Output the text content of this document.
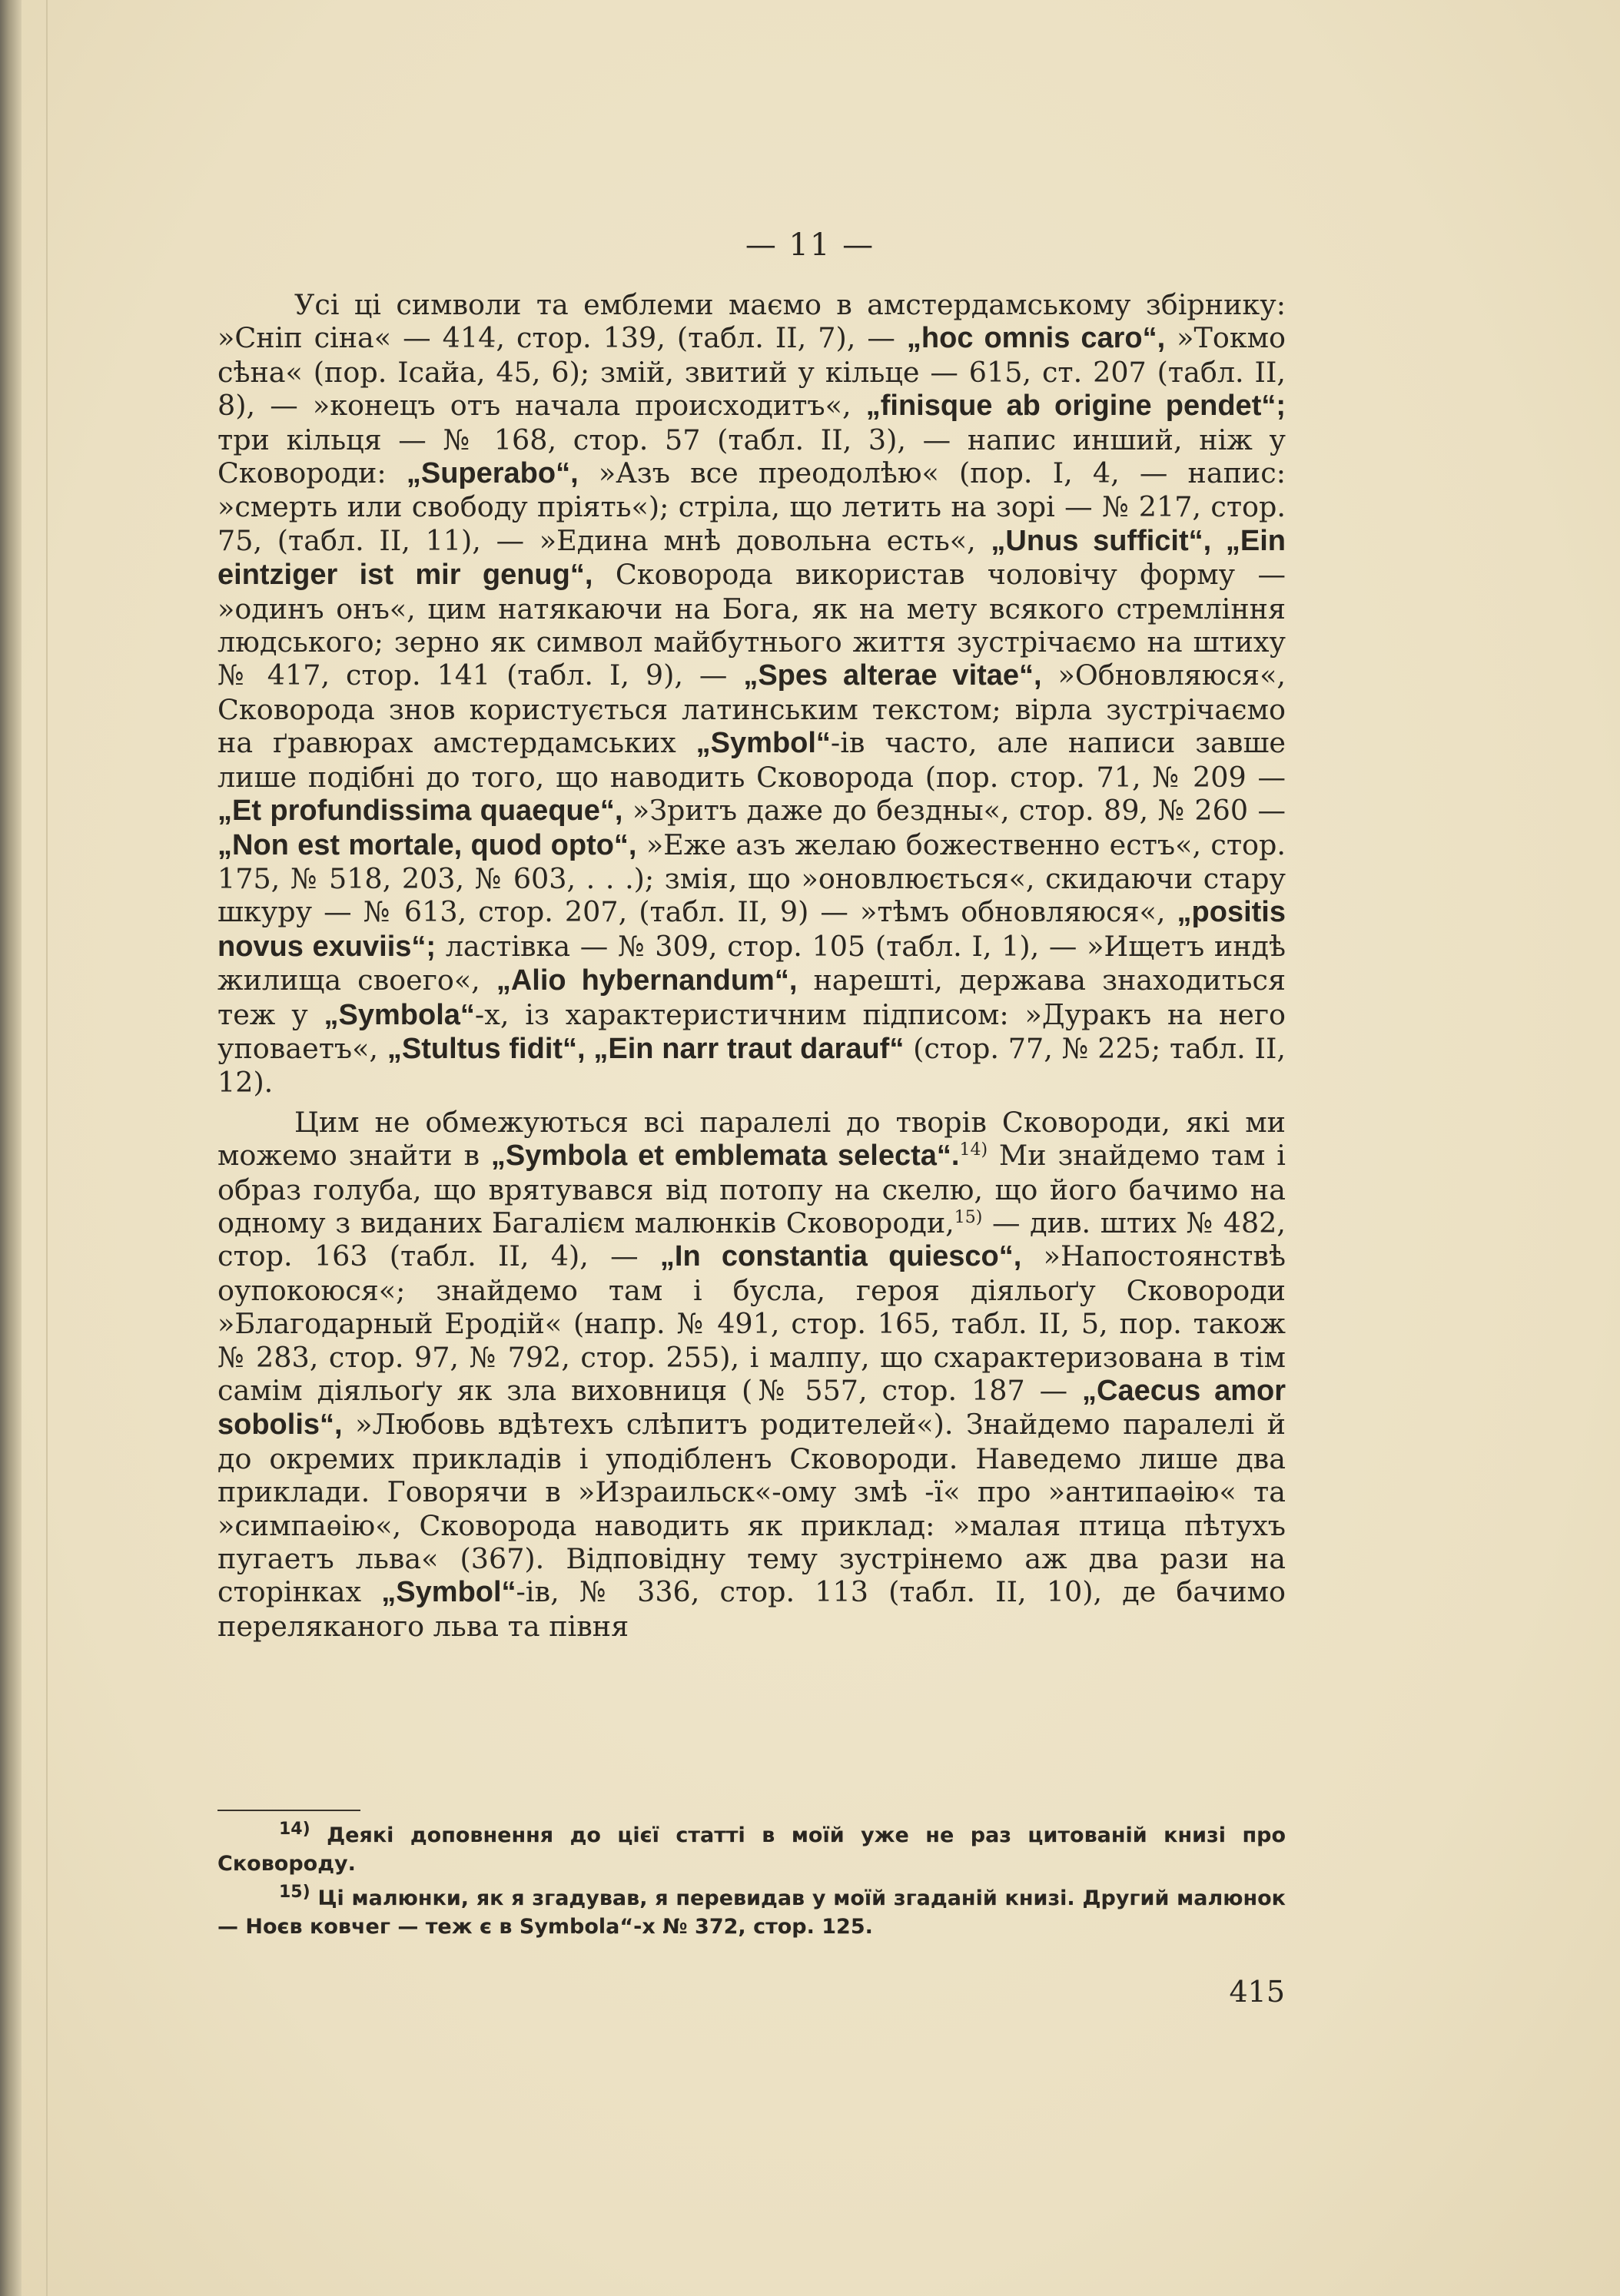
— 11 —

Усі ці символи та емблеми маємо в амстердамському збірнику: »Сніп сіна« — 414, стор. 139, (табл. II, 7), — „hoc omnis caro“, »Токмо сѣна« (пор. Ісайа, 45, 6); змій, звитий у кільце — 615, ст. 207 (табл. II, 8), — »конецъ отъ начала происходитъ«, „finisque ab origine pendet“; три кільця — № 168, стор. 57 (табл. II, 3), — напис инший, ніж у Сковороди: „Superabo“, »Азъ все преодолѣю« (пор. I, 4, — напис: »смерть или свободу пріять«); стріла, що летить на зорі — № 217, стор. 75, (табл. II, 11), — »Едина мнѣ довольна есть«, „Unus sufficit“, „Ein eintziger ist mir genug“, Сковорода використав чоловічу форму — »одинъ онъ«, цим натякаючи на Бога, як на мету всякого стремління людського; зерно як символ майбутнього життя зустрічаємо на штиху № 417, стор. 141 (табл. I, 9), — „Spes alterae vitae“, »Обновляюся«, Сковорода знов користується латинським текстом; вірла зустрічаємо на ґравюрах амстердамських „Symbol“-ів часто, але написи завше лише подібні до того, що наводить Сковорода (пор. стор. 71, № 209 — „Et profundissima quaeque“, »Зритъ даже до бездны«, стор. 89, № 260 — „Non est mortale, quod opto“, »Еже азъ желаю божественно естъ«, стор. 175, № 518, 203, № 603, . . .); змія, що »оновлюється«, скидаючи стару шкуру — № 613, стор. 207, (табл. II, 9) — »тѣмъ обновляюся«, „positis novus exuviis“; ластівка — № 309, стор. 105 (табл. I, 1), — »Ищетъ индѣ жилища своего«, „Alio hybernandum“, нарешті, держава знаходиться теж у „Symbola“-х, із характеристичним підписом: »Дуракъ на него уповаетъ«, „Stultus fidit“, „Ein narr traut darauf“ (стор. 77, № 225; табл. II, 12).

Цим не обмежуються всі паралелі до творів Сковороди, які ми можемо знайти в „Symbola et emblemata selecta“.$^{14)}$ Ми знайдемо там і образ голуба, що врятувався від потопу на скелю, що його бачимо на одному з виданих Багалієм малюнків Сковороди,$^{15)}$ — див. штих № 482, стор. 163 (табл. II, 4), — „In constantia quiesco“, »Напостоянствѣ оупокоюся«; знайдемо там і бусла, героя діяльоґу Сковороди »Благодарный Еродій« (напр. № 491, стор. 165, табл. II, 5, пор. також № 283, стор. 97, № 792, стор. 255), і малпу, що схарактеризована в тім самім діяльоґу як зла виховниця (№ 557, стор. 187 — „Caecus amor sobolis“, »Любовь вдѣтехъ слѣпитъ родителей«). Знайдемо паралелі й до окремих прикладів і уподібленъ Сковороди. Наведемо лише два приклади. Говорячи в »Израильск«-ому змѣ -ї« про »антипаѳію« та »симпаѳію«, Сковорода наводить як приклад: »малая птица пѣтухъ пугаетъ льва« (367). Відповідну тему зустрінемо аж два рази на сторінках „Symbol“-ів, № 336, стор. 113 (табл. II, 10), де бачимо переляканого льва та півня

$^{14)}$ Деякі доповнення до цієї статті в моїй уже не раз цитованій книзі про Сковороду.

$^{15)}$ Ці малюнки, як я згадував, я перевидав у моїй згаданій книзі. Другий малюнок — Ноєв ковчег — теж є в Symbola“-х № 372, стор. 125.

415
